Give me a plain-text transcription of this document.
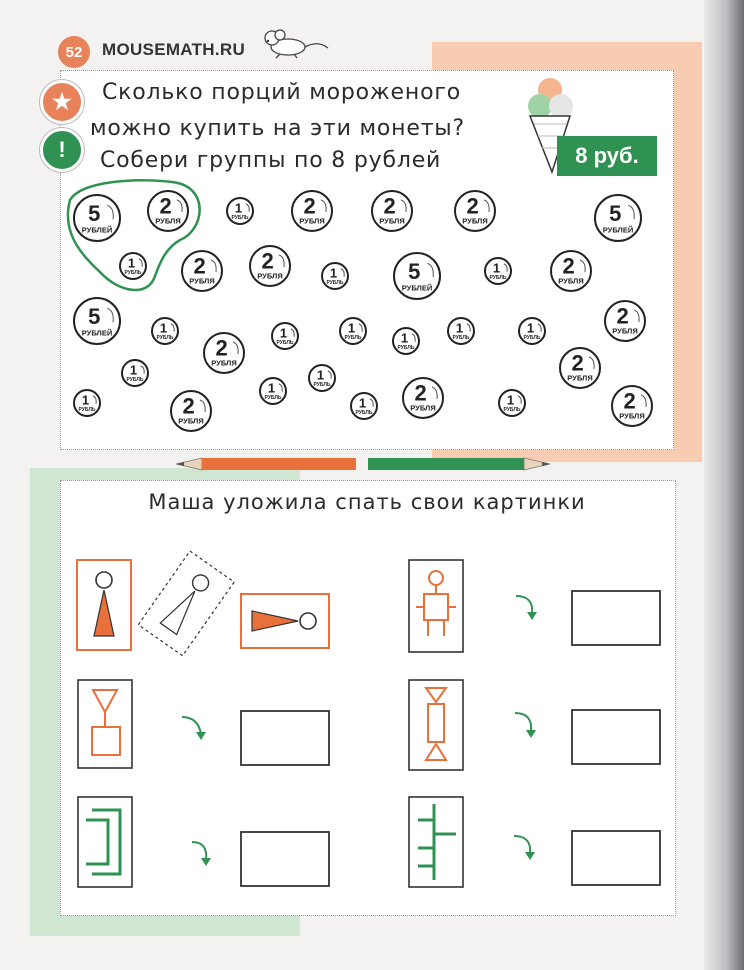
52	MOUSEMATH.RU
★
!
Сколько порций мороженого
можно купить на эти монеты?
Собери группы по 8 рублей	8 руб.
5
РУБЛЕЙ
2
РУБЛЯ
1
РУБЛЬ 2
РУБЛЯ
2
РУБЛЯ
2
РУБЛЯ	5
РУБЛЕЙ
1
РУБЛЬ 2
РУБЛЯ
2
РУБЛЯ	1
РУБЛЬ	5
РУБЛЕЙ
1
РУБЛЬ	2
РУБЛЯ
5
РУБЛЕЙ	1
РУБЛЬ	1
РУБЛЬ
1
РУБЛЬ	1
РУБЛЬ
1
РУБЛЬ
1
РУБЛЬ
2
РУБЛЯ
2
РУБЛЯ
1
РУБЛЬ
2
РУБЛЯ
1
РУБЛЬ
1
РУБЛЬ
1
РУБЛЬ	2
РУБЛЯ
1
РУБЛЬ
2
РУБЛЯ
1
РУБЛЬ	2
РУБЛЯ
Маша уложила спать свои картинки
